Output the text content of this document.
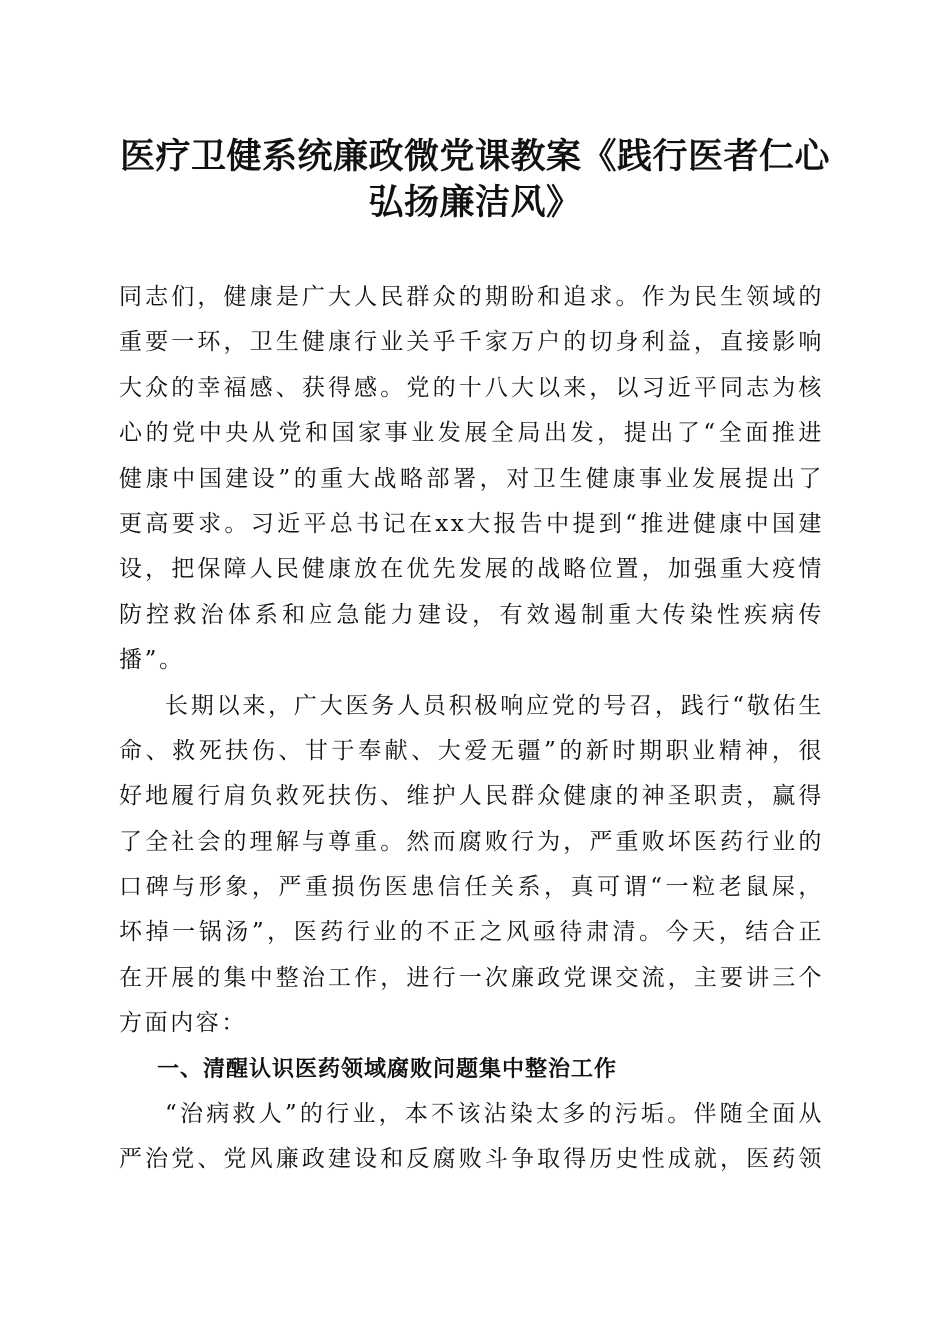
医疗卫健系统廉政微党课教案《践行医者仁心
弘扬廉洁风》
同志们，健康是广大人民群众的期盼和追求。作为民生领域的
重要一环，卫生健康行业关乎千家万户的切身利益，直接影响
大众的幸福感、获得感。党的十八大以来，以习近平同志为核
心的党中央从党和国家事业发展全局出发，提出了“全面推进
健康中国建设”的重大战略部署，对卫生健康事业发展提出了
更高要求。习近平总书记在xx大报告中提到“推进健康中国建
设，把保障人民健康放在优先发展的战略位置，加强重大疫情
防控救治体系和应急能力建设，有效遏制重大传染性疾病传
播”。
长期以来，广大医务人员积极响应党的号召，践行“敬佑生
命、救死扶伤、甘于奉献、大爱无疆”的新时期职业精神，很
好地履行肩负救死扶伤、维护人民群众健康的神圣职责，赢得
了全社会的理解与尊重。然而腐败行为，严重败坏医药行业的
口碑与形象，严重损伤医患信任关系，真可谓“一粒老鼠屎，
坏掉一锅汤”，医药行业的不正之风亟待肃清。今天，结合正
在开展的集中整治工作，进行一次廉政党课交流，主要讲三个
方面内容：
一、清醒认识医药领域腐败问题集中整治工作
“治病救人”的行业，本不该沾染太多的污垢。伴随全面从
严治党、党风廉政建设和反腐败斗争取得历史性成就，医药领
